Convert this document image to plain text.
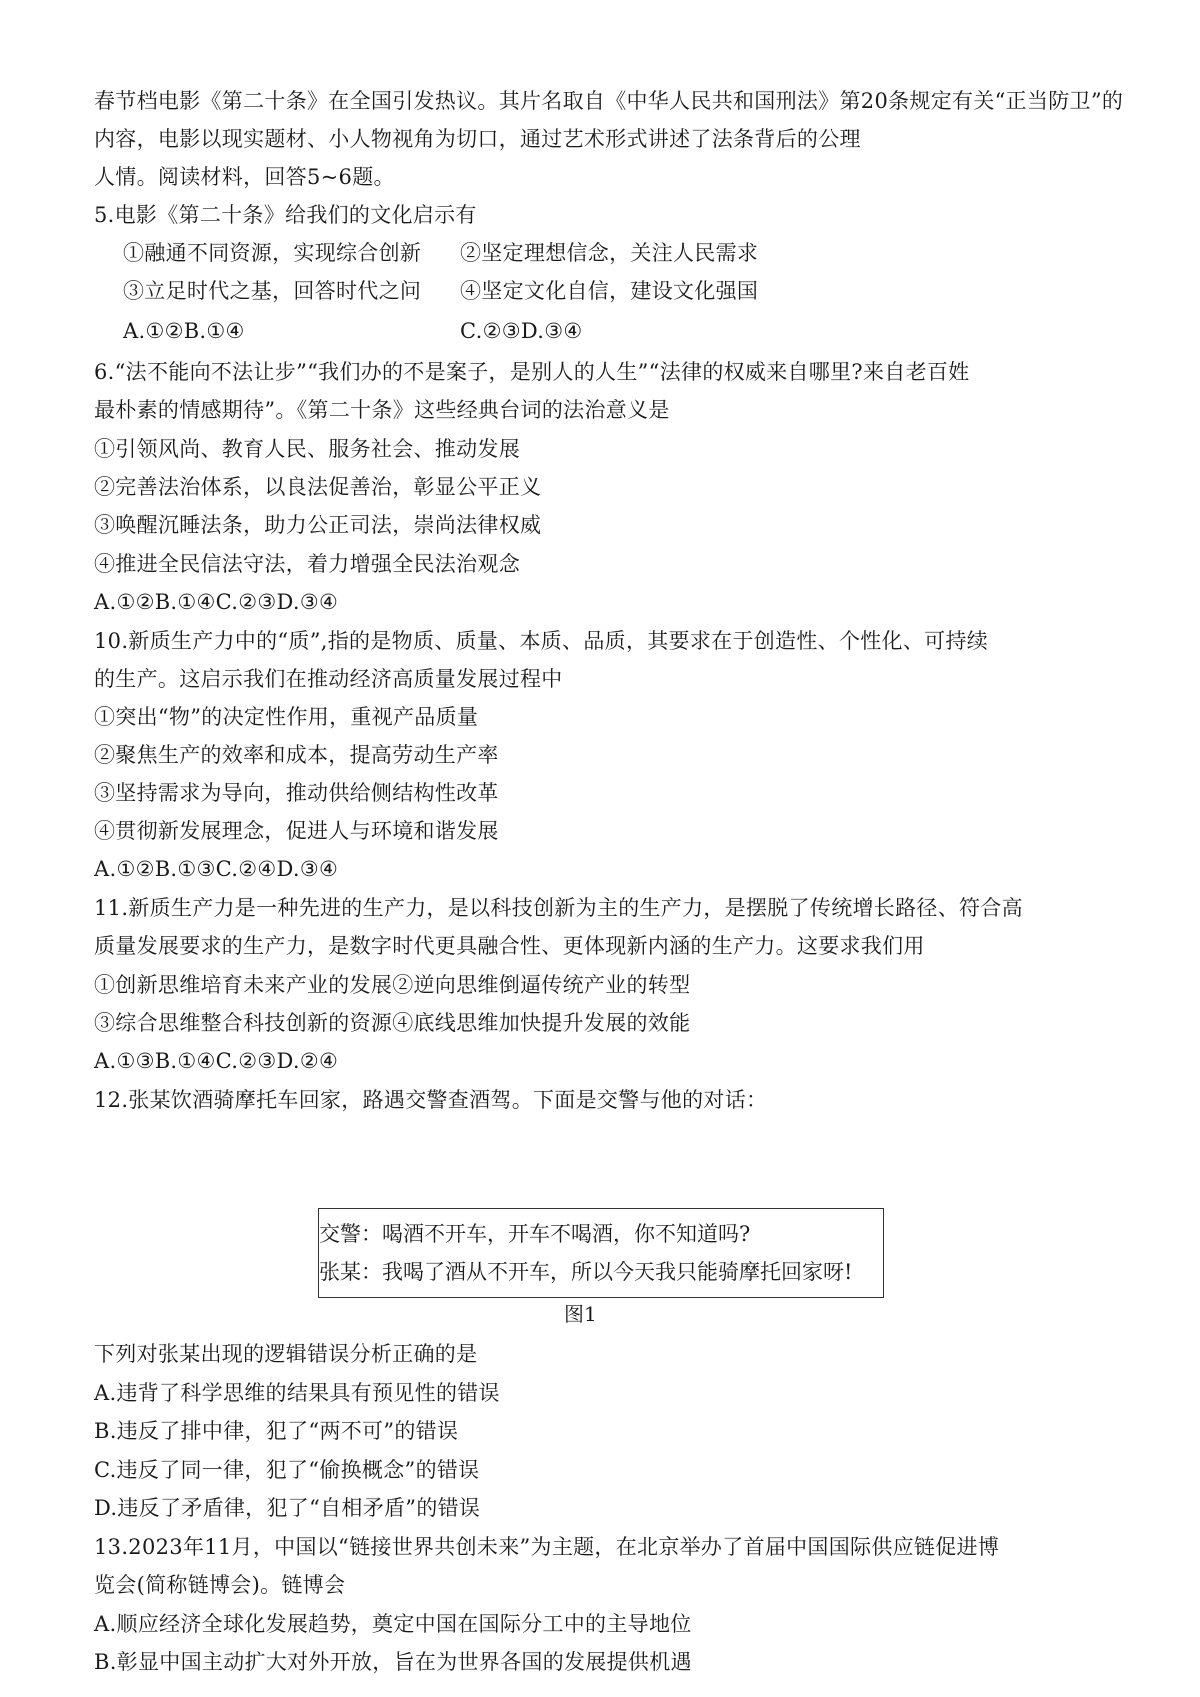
春节档电影《第二十条》在全国引发热议。其片名取自《中华人民共和国刑法》第20条规定有关“正当防卫”的
内容，电影以现实题材、小人物视角为切口，通过艺术形式讲述了法条背后的公理
人情。阅读材料，回答5~6题。
5.电影《第二十条》给我们的文化启示有
①融通不同资源，实现综合创新 ②坚定理想信念，关注人民需求
③立足时代之基，回答时代之问 ④坚定文化自信，建设文化强国
A.①②B.①④	C.②③D.③④
6.“法不能向不法让步”“我们办的不是案子，是别人的人生”“法律的权威来自哪里?来自老百姓
最朴素的情感期待”。《第二十条》这些经典台词的法治意义是
①引领风尚、教育人民、服务社会、推动发展
②完善法治体系，以良法促善治，彰显公平正义
③唤醒沉睡法条，助力公正司法，崇尚法律权威
④推进全民信法守法，着力增强全民法治观念
A.①②B.①④C.②③D.③④
10.新质生产力中的“质”,指的是物质、质量、本质、品质，其要求在于创造性、个性化、可持续
的生产。这启示我们在推动经济高质量发展过程中
①突出“物”的决定性作用，重视产品质量
②聚焦生产的效率和成本，提高劳动生产率
③坚持需求为导向，推动供给侧结构性改革
④贯彻新发展理念，促进人与环境和谐发展
A.①②B.①③C.②④D.③④
11.新质生产力是一种先进的生产力，是以科技创新为主的生产力，是摆脱了传统增长路径、符合高
质量发展要求的生产力，是数字时代更具融合性、更体现新内涵的生产力。这要求我们用
①创新思维培育未来产业的发展②逆向思维倒逼传统产业的转型
③综合思维整合科技创新的资源④底线思维加快提升发展的效能
A.①③B.①④C.②③D.②④
12.张某饮酒骑摩托车回家，路遇交警查酒驾。下面是交警与他的对话：
交警：喝酒不开车，开车不喝酒，你不知道吗?
张某：我喝了酒从不开车，所以今天我只能骑摩托回家呀!
图1
下列对张某出现的逻辑错误分析正确的是
A.违背了科学思维的结果具有预见性的错误
B.违反了排中律，犯了“两不可”的错误
C.违反了同一律，犯了“偷换概念”的错误
D.违反了矛盾律，犯了“自相矛盾”的错误
13.2023年11月，中国以“链接世界共创未来”为主题，在北京举办了首届中国国际供应链促进博
览会(简称链博会)。链博会
A.顺应经济全球化发展趋势，奠定中国在国际分工中的主导地位
B.彰显中国主动扩大对外开放，旨在为世界各国的发展提供机遇
